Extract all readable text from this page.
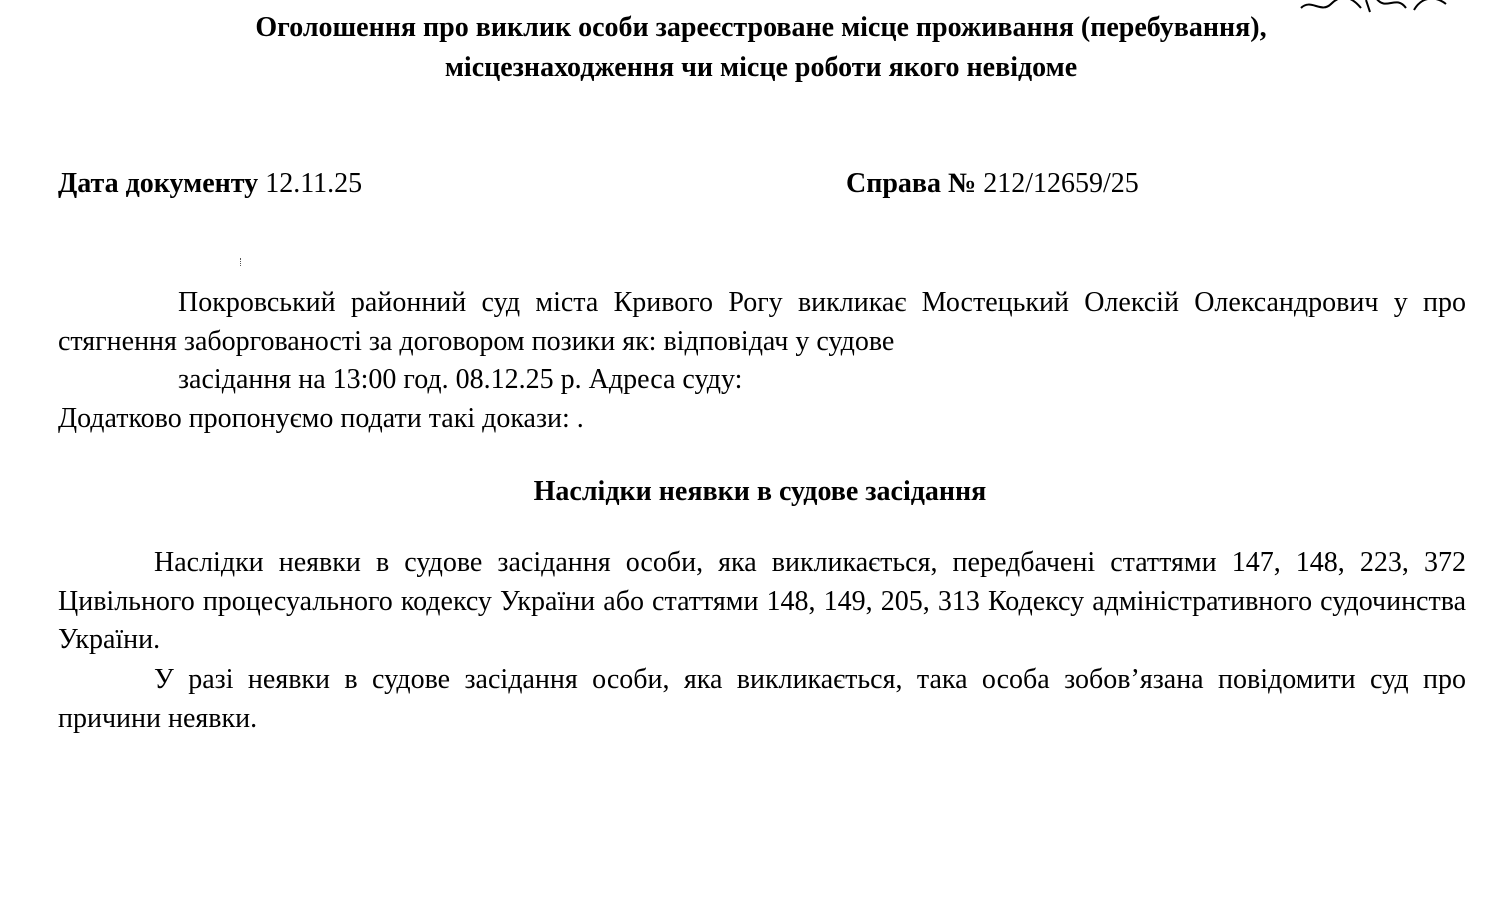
Оголошення про виклик особи зареєстроване місце проживання (перебування),
місцезнаходження чи місце роботи якого невідоме
Дата документу 12.11.25	Справа № 212/12659/25
Покровський районний суд міста Кривого Рогу викликає Мостецький Олексій Олександрович у про стягнення заборгованості за договором позики як: відповідач у судове
засідання на 13:00 год. 08.12.25 р. Адреса суду:
Додатково пропонуємо подати такі докази: .
Наслідки неявки в судове засідання
Наслідки неявки в судове засідання особи, яка викликається, передбачені статтями 147, 148, 223, 372 Цивільного процесуального кодексу України або статтями 148, 149, 205, 313 Кодексу адміністративного судочинства України.
У разі неявки в судове засідання особи, яка викликається, така особа зобов’язана повідомити суд про причини неявки.
